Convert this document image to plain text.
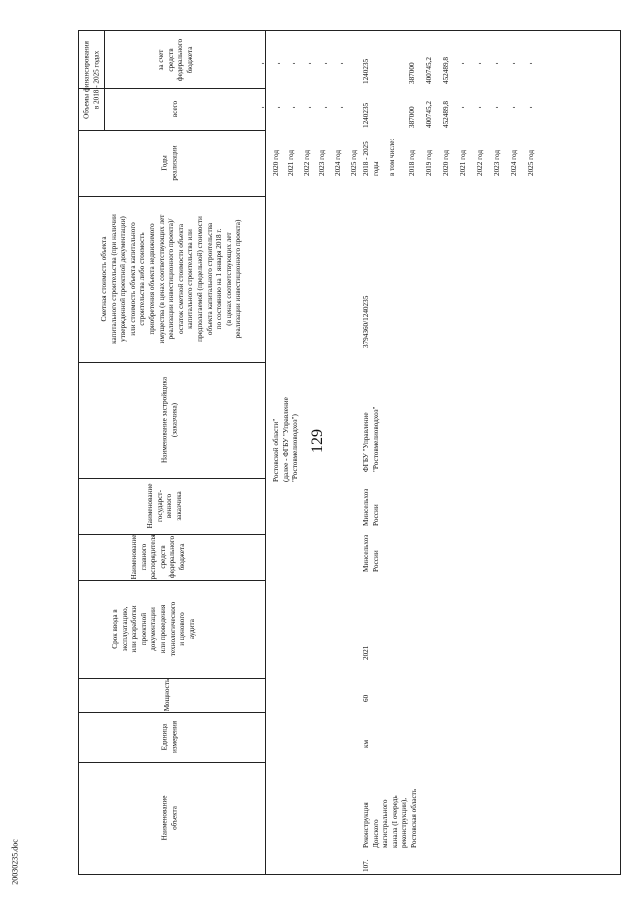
129
20030235.doc
Наименование объекта
Единица измерения
Мощность
Срок ввода в эксплуатацию, или разработки проектной документации или проведения технологического и ценового аудита
Наименование главного распорядителя средств федерального бюджета
Наименование государст- венного заказчика
Наименование застройщика (заказчика)
Сметная стоимость объекта капитального строительства (при наличии утвержденной проектной документации) или стоимость объекта капитального строительства либо стоимость приобретения объекта недвижимого имущества (в ценах соответствующих лет реализации инвестиционного проекта)/ остаток сметной стоимости объекта капитального строительства или предполагаемой (предельной) стоимости объекта капитального строительства по состоянию на 1 января 2018 г. (в ценах соответствующих лет реализации инвестиционного проекта)
Годы реализации
Объемы финансирования в 2018 - 2025 годах	всего
за счет средств федерального бюджета
Ростовской области" (далее - ФГБУ "Управление "Ростовмелиоводхоз")
2020 год 2021 год 2022 год 2023 год 2024 год 2025 год
- - - - - -
- - - - - -
107.
Реконструкция Донского магистрального канала (I очередь реконструкции), Ростовская область
км
60
2021
Минсельхоз России
Минсельхоз России
ФГБУ "Управление "Ростовмелиоводхоз"
3794360/1240235
2018 - 2025 годы в том числе: 2018 год 2019 год 2020 год 2021 год 2022 год 2023 год 2024 год 2025 год
1240235
1240235
387000 400745,2 452489,8 - - - - -
387000 400745,2 452489,8 - - - - -
